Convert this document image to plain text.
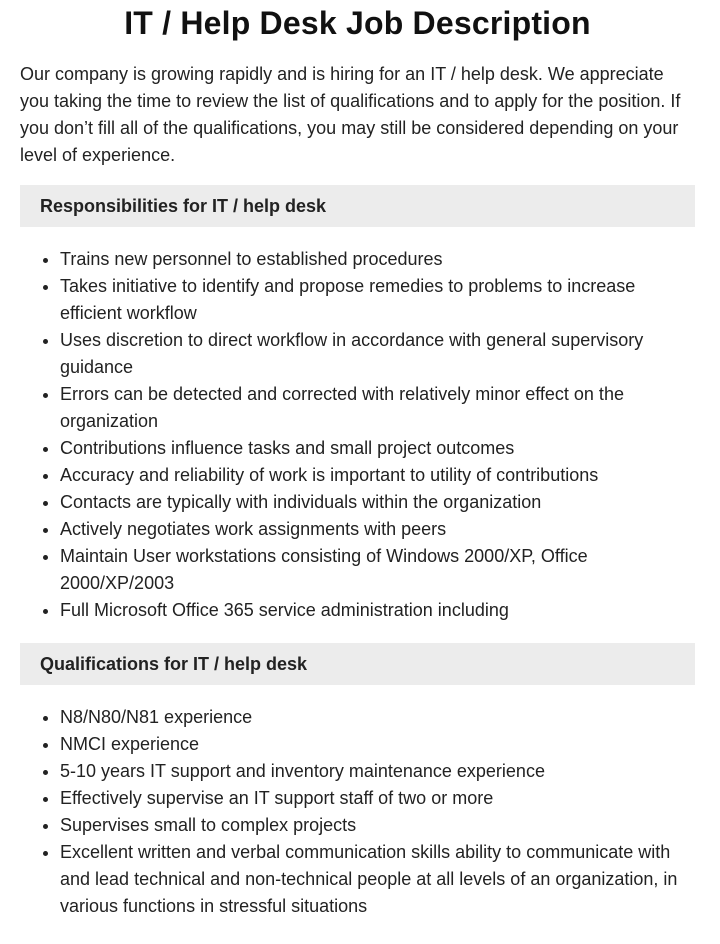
IT / Help Desk Job Description

Our company is growing rapidly and is hiring for an IT / help desk. We appreciate you taking the time to review the list of qualifications and to apply for the position. If you don’t fill all of the qualifications, you may still be considered depending on your level of experience.

Responsibilities for IT / help desk
• Trains new personnel to established procedures
• Takes initiative to identify and propose remedies to problems to increase efficient workflow
• Uses discretion to direct workflow in accordance with general supervisory guidance
• Errors can be detected and corrected with relatively minor effect on the organization
• Contributions influence tasks and small project outcomes
• Accuracy and reliability of work is important to utility of contributions
• Contacts are typically with individuals within the organization
• Actively negotiates work assignments with peers
• Maintain User workstations consisting of Windows 2000/XP, Office 2000/XP/2003
• Full Microsoft Office 365 service administration including
Qualifications for IT / help desk
• N8/N80/N81 experience
• NMCI experience
• 5-10 years IT support and inventory maintenance experience
• Effectively supervise an IT support staff of two or more
• Supervises small to complex projects
• Excellent written and verbal communication skills ability to communicate with and lead technical and non-technical people at all levels of an organization, in various functions in stressful situations
